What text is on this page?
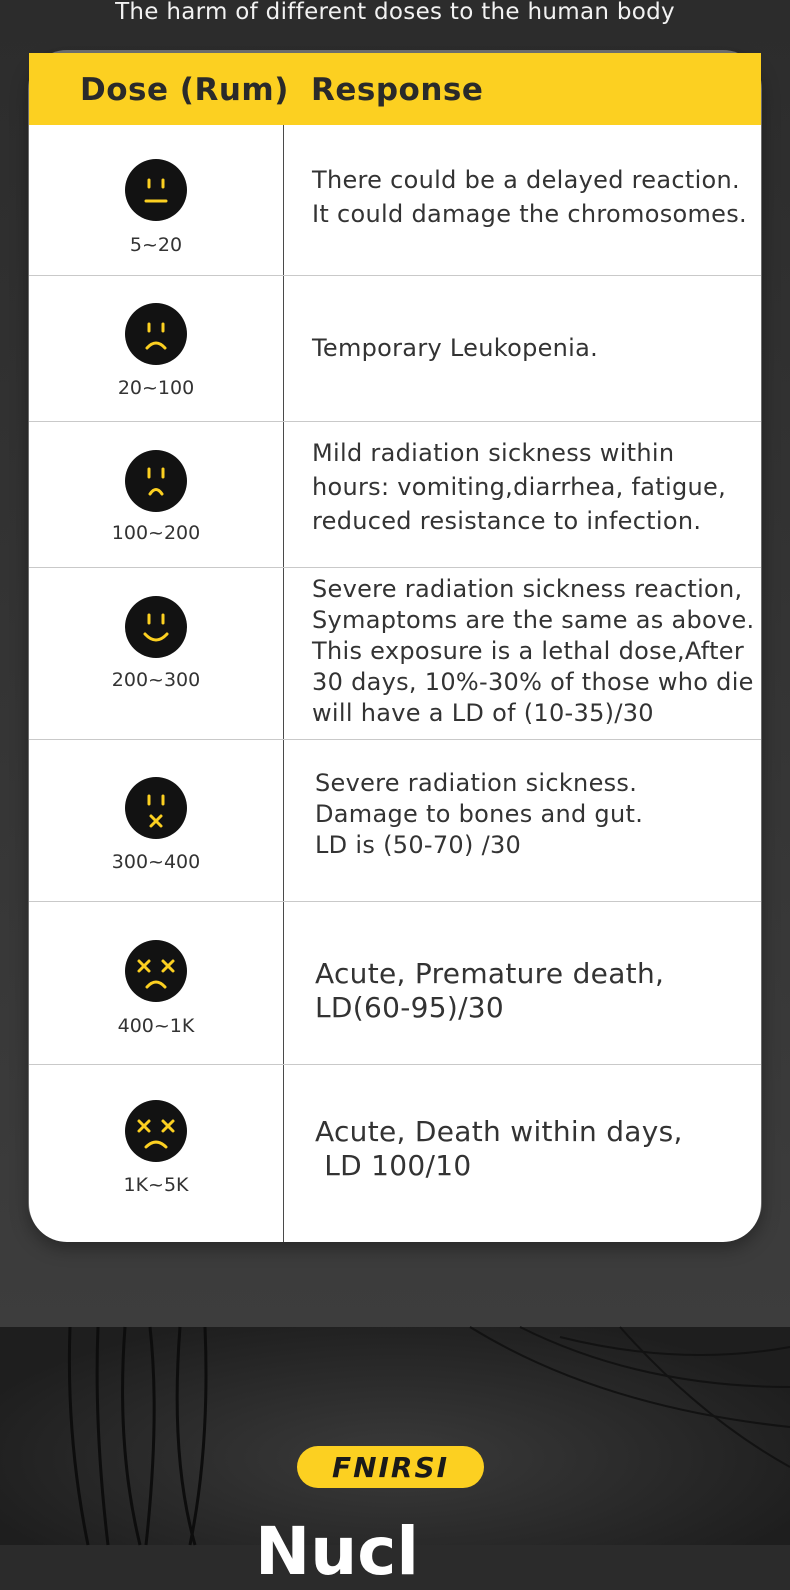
The harm of different doses to the human body
Dose (Rum) Response
5~20
There could be a delayed reaction.
It could damage the chromosomes.
20~100
Temporary Leukopenia.
100~200
Mild radiation sickness within
hours: vomiting,diarrhea, fatigue,
reduced resistance to infection.
200~300
Severe radiation sickness reaction,
Symaptoms are the same as above.
This exposure is a lethal dose,After
30 days, 10%-30% of those who die
will have a LD of (10-35)/30
300~400
Severe radiation sickness.
Damage to bones and gut.
LD is (50-70) /30
400~1K
Acute, Premature death,
LD(60-95)/30
1K~5K
Acute, Death within days,
LD 100/10
FNIRSI
Nucl
